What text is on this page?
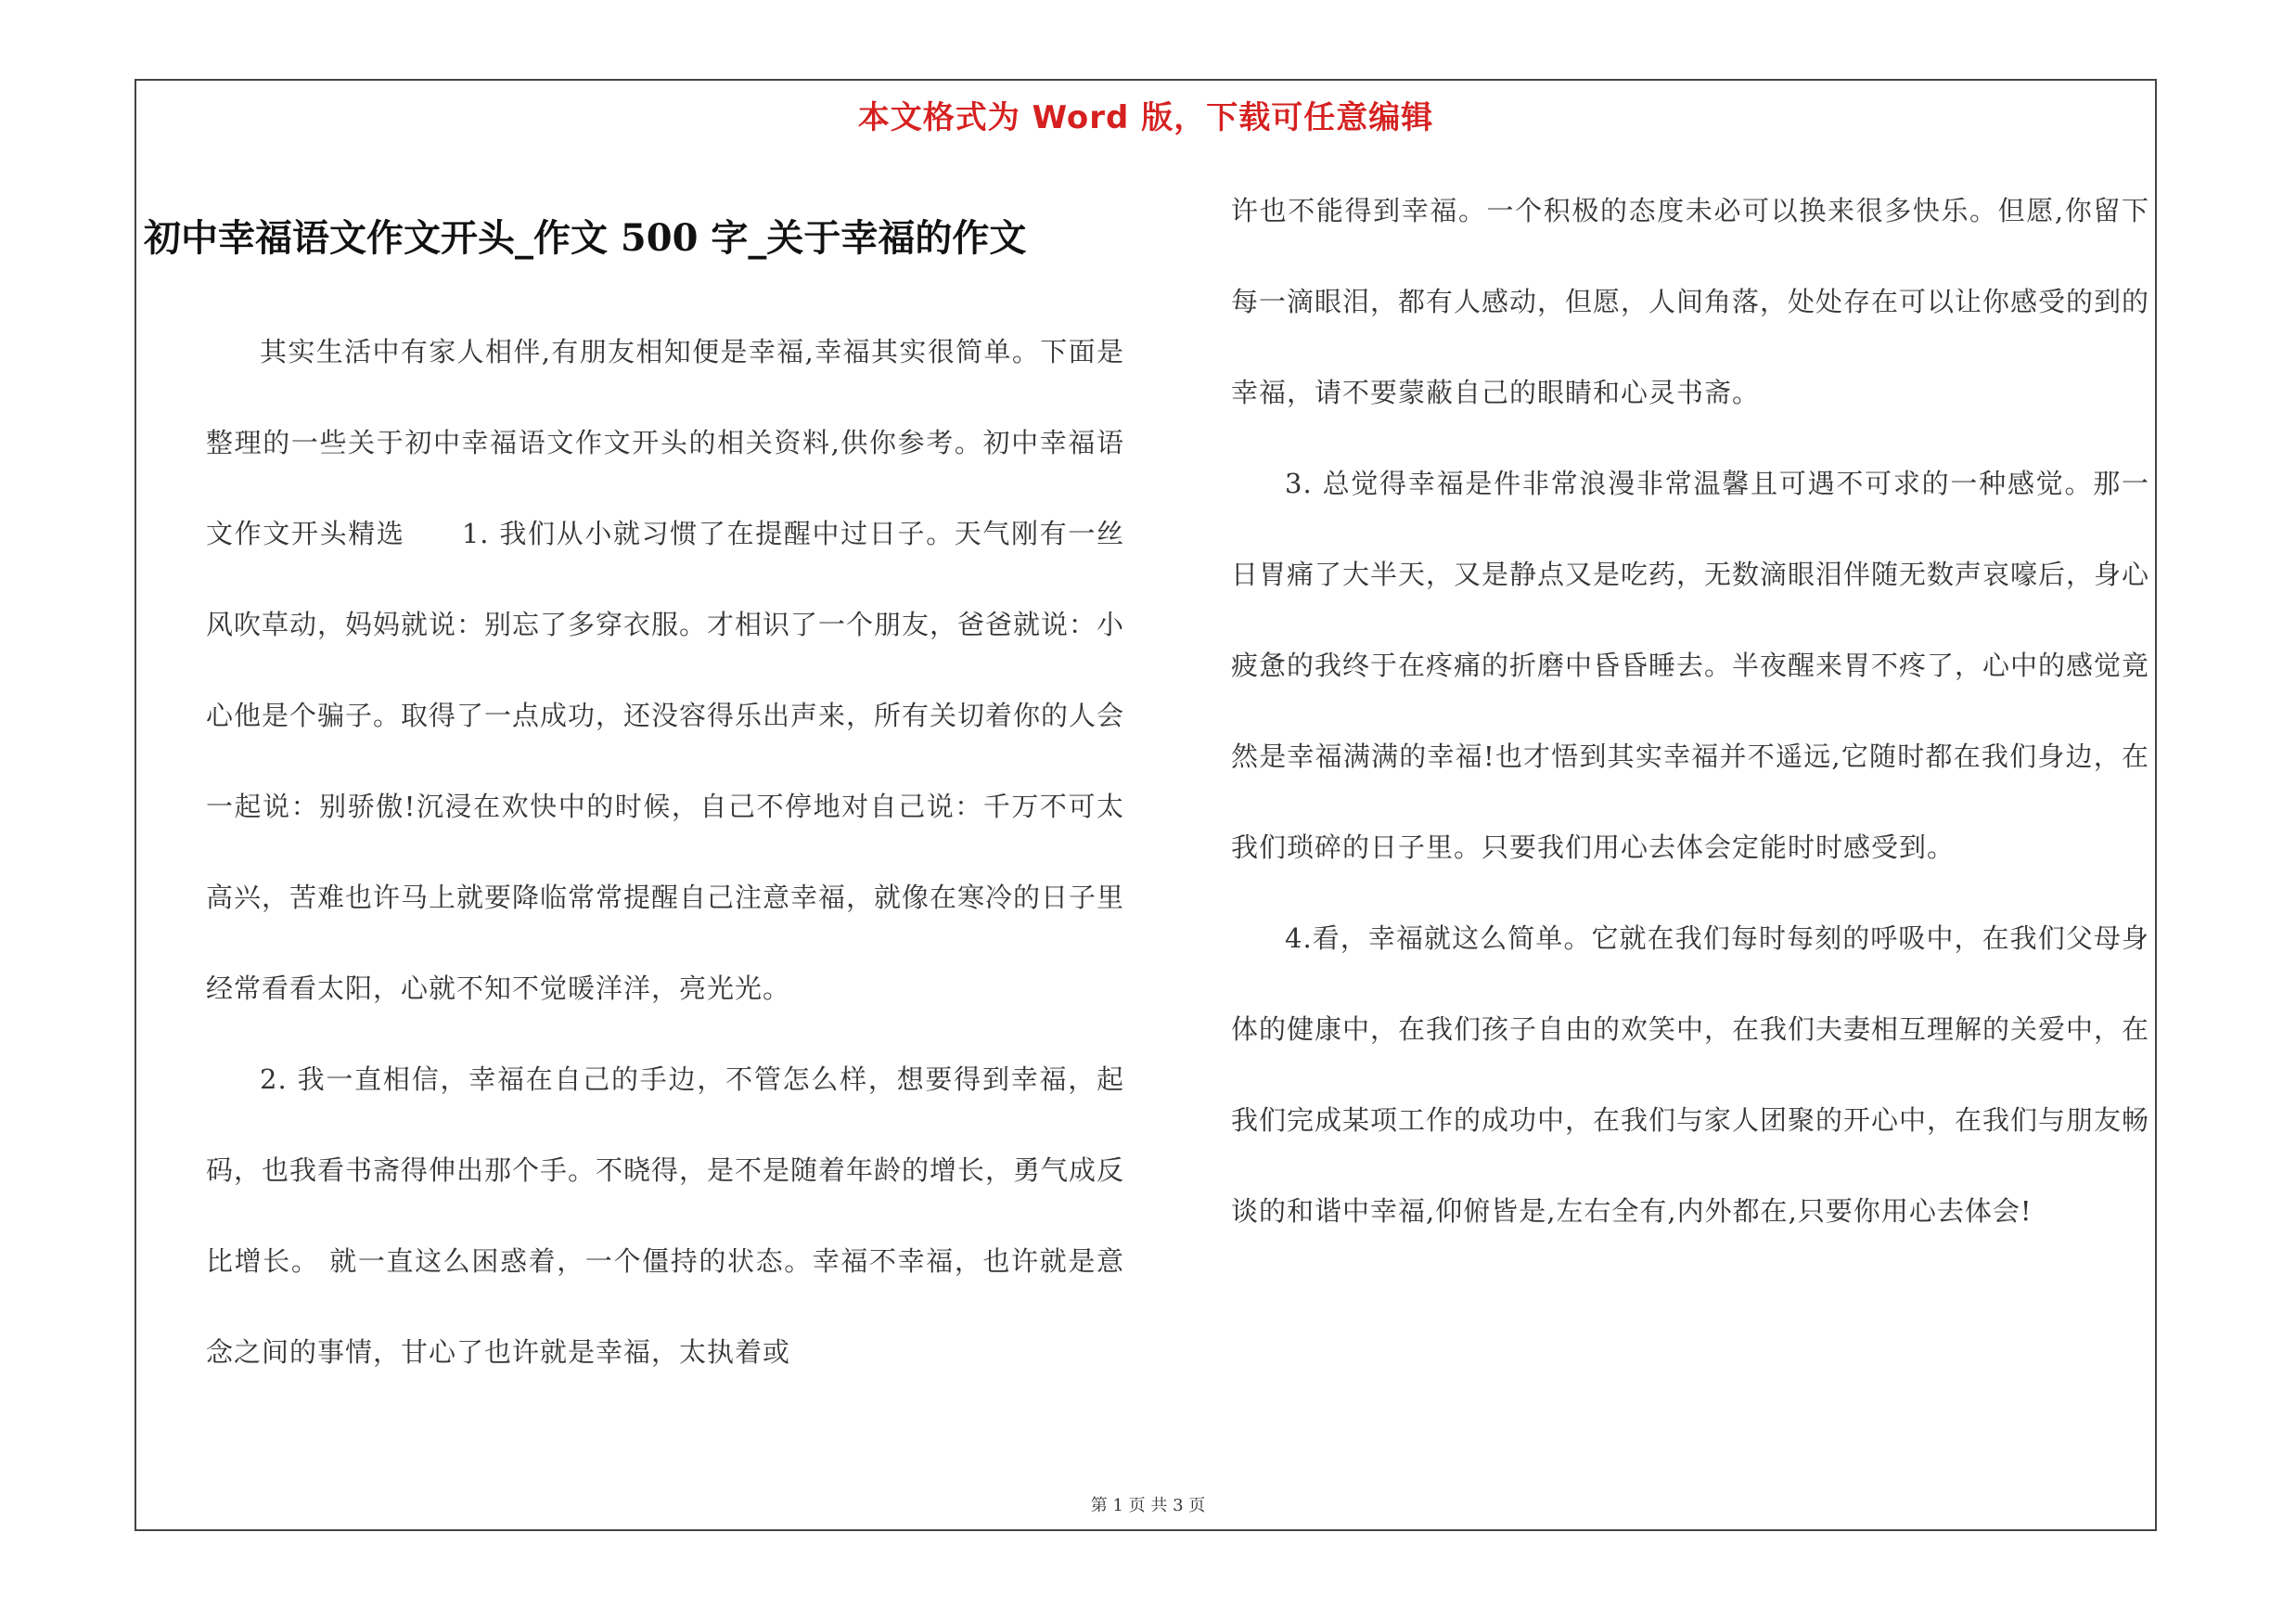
本文格式为 Word 版，下载可任意编辑
初中幸福语文作文开头_作文 500 字_关于幸福的作文

其实生活中有家人相伴,有朋友相知便是幸福,幸福其实很简单。下面是整理的一些关于初中幸福语文作文开头的相关资料,供你参考。初中幸福语文作文开头精选　　1. 我们从小就习惯了在提醒中过日子。天气刚有一丝风吹草动，妈妈就说：别忘了多穿衣服。才相识了一个朋友，爸爸就说：小心他是个骗子。取得了一点成功，还没容得乐出声来，所有关切着你的人会一起说：别骄傲!沉浸在欢快中的时候，自己不停地对自己说：千万不可太高兴，苦难也许马上就要降临常常提醒自己注意幸福，就像在寒冷的日子里经常看看太阳，心就不知不觉暖洋洋，亮光光。

2. 我一直相信，幸福在自己的手边，不管怎么样，想要得到幸福，起码，也我看书斋得伸出那个手。不晓得，是不是随着年龄的增长，勇气成反比增长。 就一直这么困惑着，一个僵持的状态。幸福不幸福，也许就是意念之间的事情，甘心了也许就是幸福，太执着或

许也不能得到幸福。一个积极的态度未必可以换来很多快乐。但愿,你留下每一滴眼泪，都有人感动，但愿，人间角落，处处存在可以让你感受的到的幸福，请不要蒙蔽自己的眼睛和心灵书斋。

3. 总觉得幸福是件非常浪漫非常温馨且可遇不可求的一种感觉。那一日胃痛了大半天，又是静点又是吃药，无数滴眼泪伴随无数声哀嚎后，身心疲惫的我终于在疼痛的折磨中昏昏睡去。半夜醒来胃不疼了，心中的感觉竟然是幸福满满的幸福!也才悟到其实幸福并不遥远,它随时都在我们身边，在我们琐碎的日子里。只要我们用心去体会定能时时感受到。

4.看，幸福就这么简单。它就在我们每时每刻的呼吸中，在我们父母身体的健康中，在我们孩子自由的欢笑中，在我们夫妻相互理解的关爱中，在我们完成某项工作的成功中，在我们与家人团聚的开心中，在我们与朋友畅谈的和谐中幸福,仰俯皆是,左右全有,内外都在,只要你用心去体会!

第 1 页 共 3 页
